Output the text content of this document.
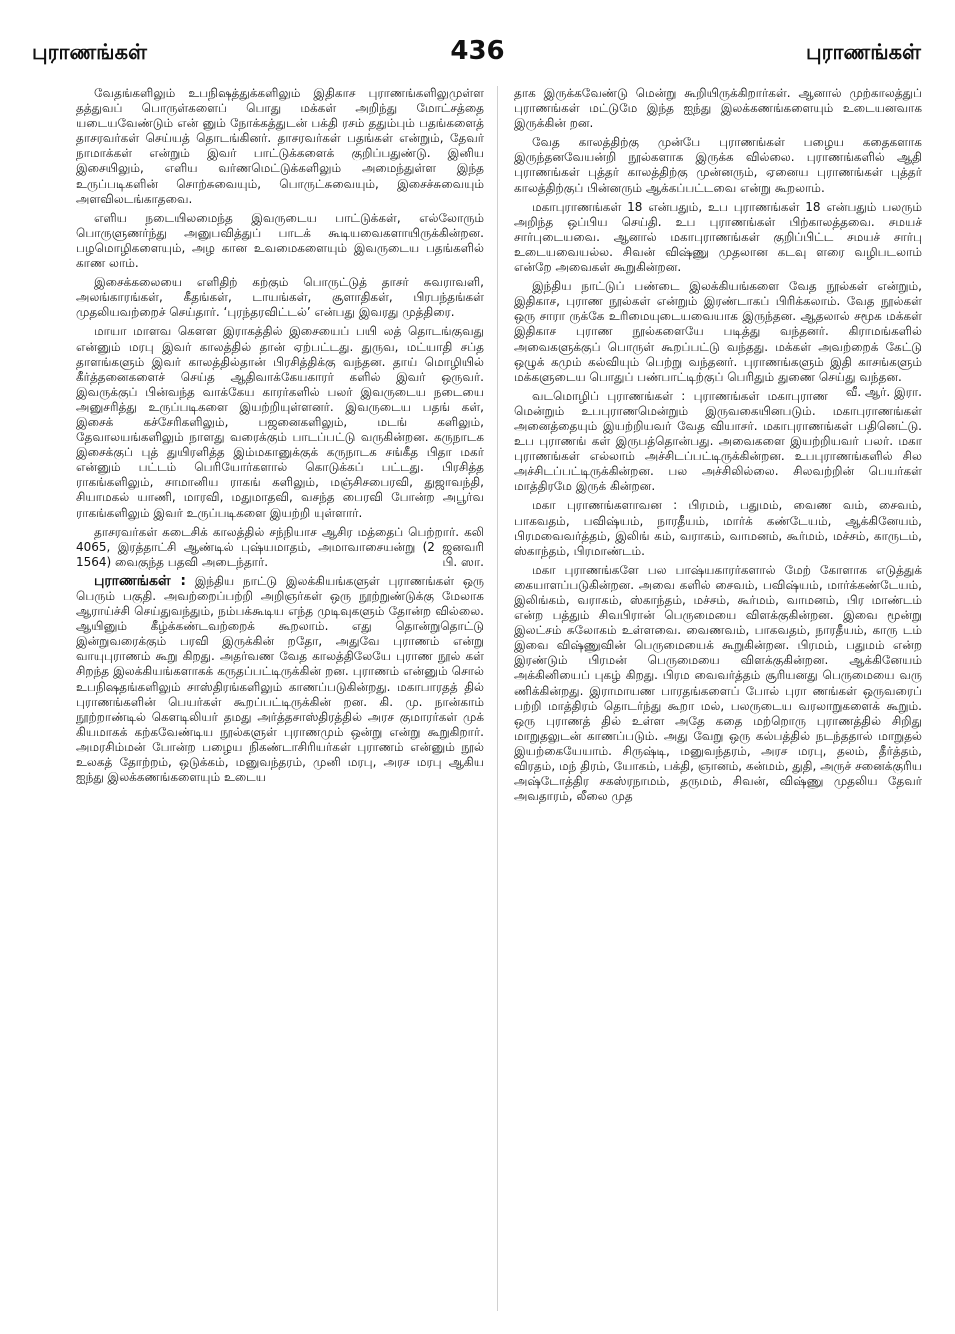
புராணங்கள்	436	புராணங்கள்

வேதங்களிலும் உபநிஷத்துக்களிலும் இதிகாச புராணங்களிலுமுள்ள தத்துவப் பொருள்களைப் பொது மக்கள் அறிந்து மோட்சத்தை யடையவேண்டும் என் னும் நோக்கத்துடன் பக்தி ரசம் ததும்பும் பதங்களைத் தாசரவர்கள் செய்யத் தொடங்கினர். தாசரவர்கள் பதங்கள் என்றும், தேவர் நாமாக்கள் என்றும் இவர் பாட்டுக்களைக் குறிப்பதுண்டு. இனிய இசையிலும், எளிய வர்ணமெட்டுக்களிலும் அமைந்துள்ள இந்த உருப்படிகளின் சொற்சுவையும், பொருட்சுவையும், இசைச்சுவையும் அளவிலடங்காதவை.

எளிய நடையிலமைந்த இவருடைய பாட்டுக்கள், எல்லோரும் பொருளுணர்ந்து அனுபவித்துப் பாடக் கூடியவைகளாயிருக்கின்றன. பழமொழிகளையும், அழ கான உவமைகளையும் இவருடைய பதங்களில் காண லாம்.

இசைக்கலையை எளிதிற் கற்கும் பொருட்டுத் தாசர் சுவராவளி, அலங்காரங்கள், கீதங்கள், டாயங்கள், சூளாதிகள், பிரபந்தங்கள் முதலியவற்றைச் செய்தார். ‘புரந்தரவிட்டல்’ என்பது இவரது முத்திரை.

மாயா மாளவ கௌள இராகத்தில் இசையைப் பயி லத் தொடங்குவது என்னும் மரபு இவர் காலத்தில் தான் ஏற்பட்டது. துருவ, மட்யாதி சப்த தாளங்களும் இவர் காலத்தில்தான் பிரசித்திக்கு வந்தன. தாய் மொழியில் கீர்த்தனைகளைச் செய்த ஆதிவாக்கேயகாரர் களில் இவர் ஒருவர். இவருக்குப் பின்வந்த வாக்கேய காரர்களில் பலர் இவருடைய நடையை அனுசரித்து உருப்படிகளை இயற்றியுள்ளனர். இவருடைய பதங் கள், இசைக் கச்சேரிகளிலும், பஜனைகளிலும், மடங் களிலும், தேவாலயங்களிலும் நாளது வரைக்கும் பாடப்பட்டு வருகின்றன. கருநாடக இசைக்குப் புத் துயிரளித்த இம்மகானுக்குக் கருநாடக சங்கீத பிதா மகர் என்னும் பட்டம் பெரியோர்களால் கொடுக்கப் பட்டது. பிரசித்த ராகங்களிலும், சாமானிய ராகங் களிலும், மஞ்சிசபைரவி, துஜாவந்தி, சியாமகல் யாணி, மாரவி, மதுமாதவி, வசந்த பைரவி போன்ற அபூர்வ ராகங்களிலும் இவர் உருப்படிகளை இயற்றி யுள்ளார்.

தாசரவர்கள் கடைசிக் காலத்தில் சந்நியாச ஆசிர மத்தைப் பெற்றார். கலி 4065, இரத்தாட்சி ஆண்டில் புஷ்யமாதம், அமாவாசையன்று (2 ஜனவரி 1564) வைகுந்த பதவி அடைந்தார்.	பி. ஸா.

புராணங்கள் : இந்திய நாட்டு இலக்கியங்களுள் புராணங்கள் ஒரு பெரும் பகுதி. அவற்றைப்பற்றி அறிஞர்கள் ஒரு நூற்றுண்டுக்கு மேலாக ஆராய்ச்சி செய்துவந்தும், நம்பக்கூடிய எந்த முடிவுகளும் தோன்ற வில்லை. ஆயினும் கீழ்க்கண்டவற்றைக் கூறலாம். எது தொன்றுதொட்டு இன்றுவரைக்கும் பரவி இருக்கின் றதோ, அதுவே புராணம் என்று வாயுபுராணம் கூறு கிறது. அதர்வண வேத காலத்திலேயே புராண நூல் கள் சிறந்த இலக்கியங்களாகக் கருதப்பட்டிருக்கின் றன. புராணம் என்னும் சொல் உபநிஷதங்களிலும் சாஸ்திரங்களிலும் காணப்படுகின்றது. மகாபாரதத் தில் புராணங்களின் பெயர்கள் கூறப்பட்டிருக்கின் றன. கி. மு. நான்காம் நூற்றாண்டில் கௌடிலியர் தமது அர்த்தசாஸ்திரத்தில் அரச குமாரர்கள் முக் கியமாகக் கற்கவேண்டிய நூல்களுள் புராணமும் ஒன்று என்று கூறுகிறார். அமரசிம்மன் போன்ற பழைய நிகண்டாசிரியர்கள் புராணம் என்னும் நூல் உலகத் தோற்றம், ஒடுக்கம், மனுவந்தரம், முனி மரபு, அரச மரபு ஆகிய ஐந்து இலக்கணங்களையும் உடைய

தாக இருக்கவேண்டு மென்று கூறியிருக்கிறார்கள். ஆனால் முற்காலத்துப் புராணங்கள் மட்டுமே இந்த ஐந்து இலக்கணங்களையும் உடையனவாக இருக்கின் றன.

வேத காலத்திற்கு முன்பே புராணங்கள் பழைய கதைகளாக இருந்தனவேயன்றி நூல்களாக இருக்க வில்லை. புராணங்களில் ஆதி புராணங்கள் புத்தர் காலத்திற்கு முன்னரும், ஏனைய புராணங்கள் புத்தர் காலத்திற்குப் பின்னரும் ஆக்கப்பட்டவை என்று கூறலாம்.

மகாபுராணங்கள் 18 என்பதும், உப புராணங்கள் 18 என்பதும் பலரும் அறிந்த ஒப்பிய செய்தி. உப புராணங்கள் பிற்காலத்தவை. சமயச் சார்புடையவை. ஆனால் மகாபுராணங்கள் குறிப்பிட்ட சமயச் சார்பு உடையவையல்ல. சிவன் விஷ்ணு முதலான கடவு ளரை வழிபடலாம் என்றே அவைகள் கூறுகின்றன.

இந்திய நாட்டுப் பண்டை இலக்கியங்களை வேத நூல்கள் என்றும், இதிகாச, புராண நூல்கள் என்றும் இரண்டாகப் பிரிக்கலாம். வேத நூல்கள் ஒரு சாரா ருக்கே உரிமையுடையவையாக இருந்தன. ஆதலால் சமூக மக்கள் இதிகாச புராண நூல்களையே படித்து வந்தனர். கிராமங்களில் அவைகளுக்குப் பொருள் கூறப்பட்டு வந்தது. மக்கள் அவற்றைக் கேட்டு ஒழுக் கமும் கல்வியும் பெற்று வந்தனர். புராணங்களும் இதி காசங்களும் மக்களுடைய பொதுப் பண்பாட்டிற்குப் பெரிதும் துணை செய்து வந்தன.
வீ. ஆர். இரா.

வடமொழிப் புராணங்கள் : புராணங்கள் மகாபுராண மென்றும் உபபுராணமென்றும் இருவகையினபடும். மகாபுராணங்கள் அனைத்தையும் இயற்றியவர் வேத வியாசர். மகாபுராணங்கள் பதினெட்டு. உப புராணங் கள் இருபத்தொன்பது. அவைகளை இயற்றியவர் பலர். மகா புராணங்கள் எல்லாம் அச்சிடப்பட்டிருக்கின்றன. உபபுராணங்களில் சில அச்சிடப்பட்டிருக்கின்றன. பல அச்சிலில்லை. சிலவற்றின் பெயர்கள் மாத்திரமே இருக் கின்றன.

மகா புராணங்களாவன : பிரமம், பதுமம், வைண வம், சைவம், பாகவதம், பவிஷ்யம், நாரதீயம், மார்க் கண்டேயம், ஆக்கினேயம், பிரமவைவர்த்தம், இலிங் கம், வராகம், வாமனம், கூர்மம், மச்சம், காருடம், ஸ்காந்தம், பிரமாண்டம்.

மகா புராணங்களே பல பாஷ்யகாரர்களால் மேற் கோளாக எடுத்துக் கையாளப்படுகின்றன. அவை களில் சைவம், பவிஷ்யம், மார்க்கண்டேயம், இலிங்கம், வராகம், ஸ்காந்தம், மச்சம், கூர்மம், வாமனம், பிர மாண்டம் என்ற பத்தும் சிவபிரான் பெருமையை விளக்குகின்றன. இவை மூன்று இலட்சம் சுலோகம் உள்ளவை. வைணவம், பாகவதம், நாரதீயம், காரு டம் இவை விஷ்ணுவின் பெருமையைக் கூறுகின்றன. பிரமம், பதுமம் என்ற இரண்டும் பிரமன் பெருமையை விளக்குகின்றன. ஆக்கினேயம் அக்கினியைப் புகழ் கிறது. பிரம வைவர்த்தம் சூரியனது பெருமையை வரு ணிக்கின்றது. இராமாயண பாரதங்களைப் போல் புரா ணங்கள் ஒருவரைப் பற்றி மாத்திரம் தொடர்ந்து கூறா மல், பலருடைய வரலாறுகளைக் கூறும். ஒரு புராணத் தில் உள்ள அதே கதை மற்றொரு புராணத்தில் சிறிது மாறுதலுடன் காணப்படும். அது வேறு ஒரு கல்பத்தில் நடந்ததால் மாறுதல் இயற்கையேயாம். சிருஷ்டி, மனுவந்தரம், அரச மரபு, தலம், தீர்த்தம், விரதம், மந் திரம், யோகம், பக்தி, ஞானம், கன்மம், துதி, அருச் சனைக்குரிய அஷ்டோத்திர சகஸ்ரநாமம், தருமம், சிவன், விஷ்ணு முதலிய தேவர் அவதாரம், லீலை முத
